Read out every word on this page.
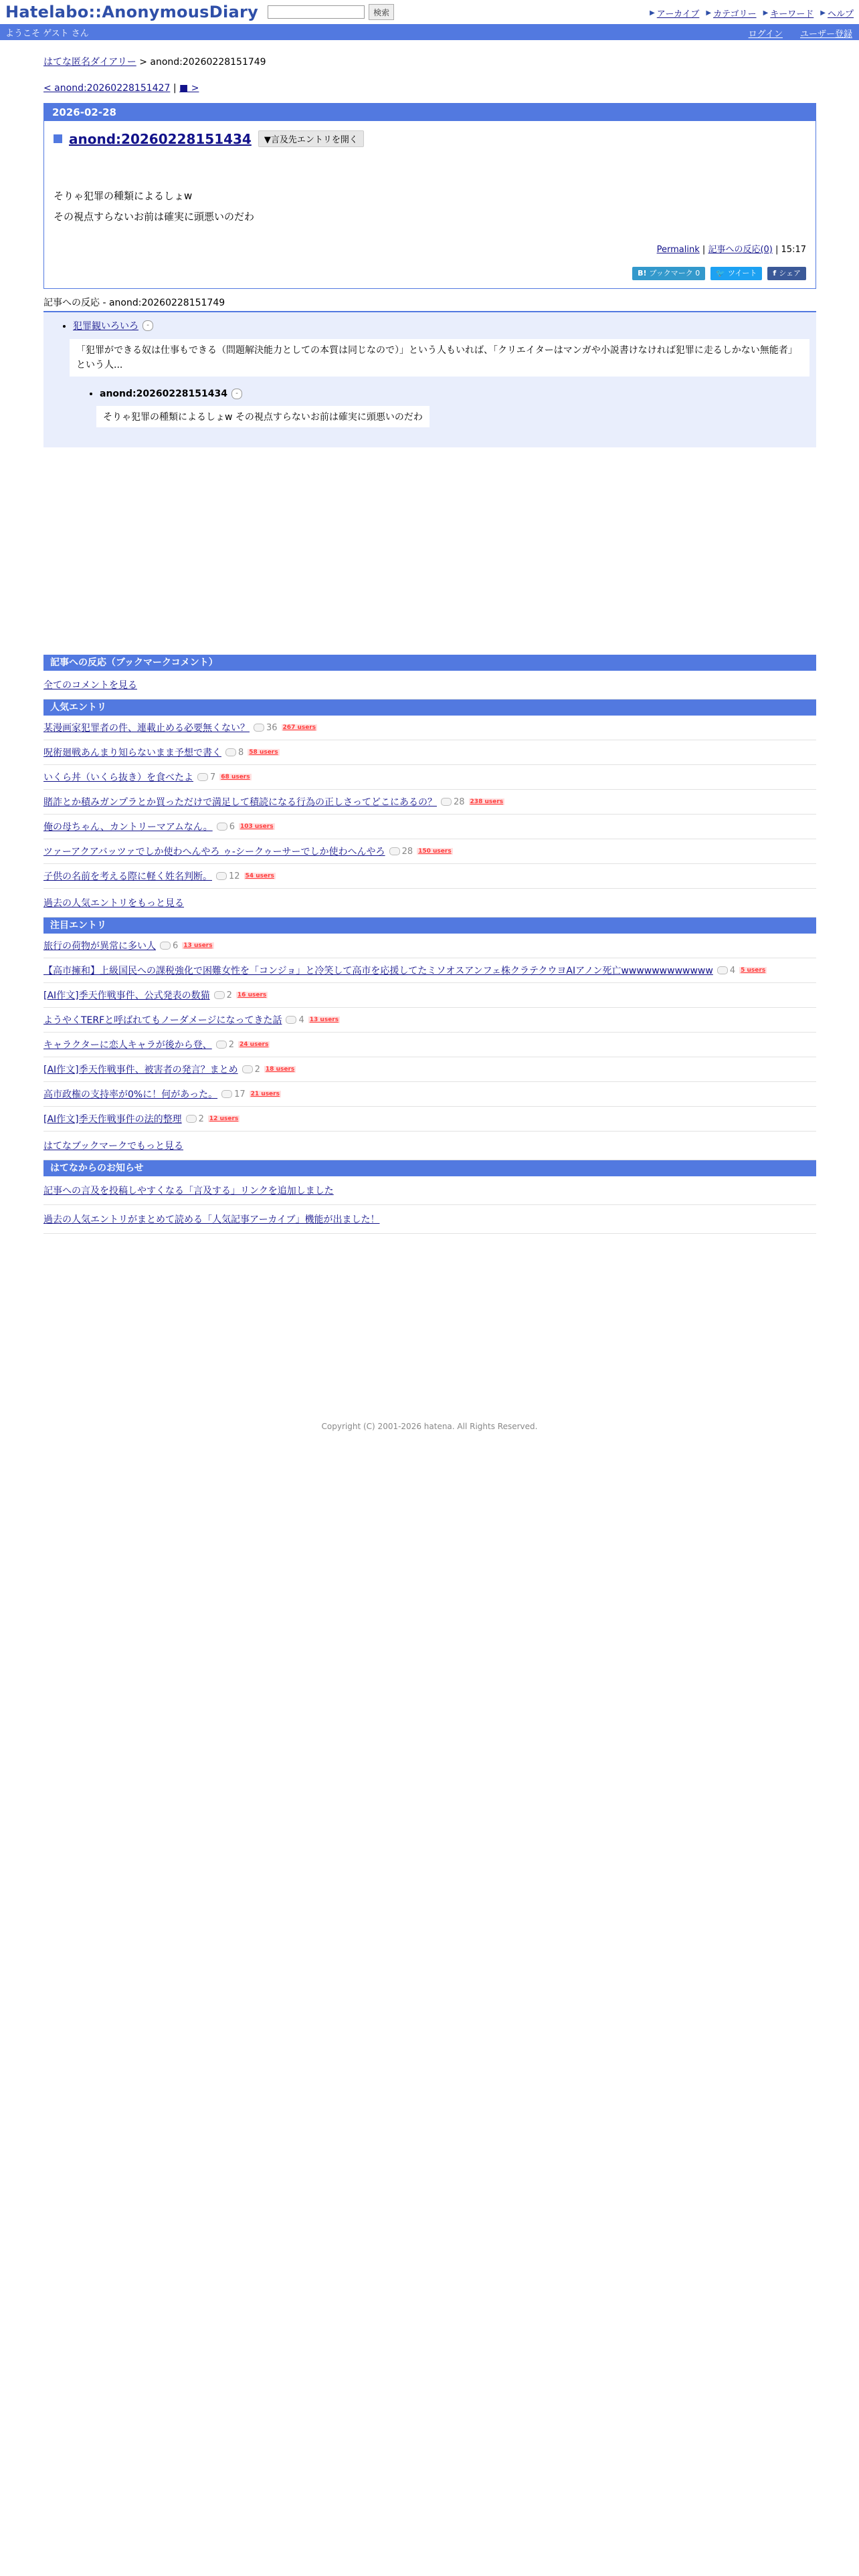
Hatelabo::AnonymousDiary	検索	▶ アーカイブ ▶ カテゴリー ▶ キーワード ▶ ヘルプ
ようこそ ゲスト さん	ログイン ユーザー登録
はてな匿名ダイアリー > anond:20260228151749
< anond:20260228151427 | ■ >
2026-02-28
anond:20260228151434	▼言及先エントリを開く
そりゃ犯罪の種類によるしょw
その視点すらないお前は確実に頭悪いのだわ
Permalink | 記事への反応(0) | 15:17
B! ブックマーク 0 🐦 ツイート f シェア
記事への反応 - anond:20260228151749
• 犯罪観いろいろ	-
「犯罪ができる奴は仕事もできる（問題解決能力としての本質は同じなので）」という人もいれば、「クリエイターはマンガや小説書けなければ犯罪に走るしかない無能者」という人...
• anond:20260228151434	-
そりゃ犯罪の種類によるしょw その視点すらないお前は確実に頭悪いのだわ
記事への反応（ブックマークコメント）
全てのコメントを見る
人気エントリ
某漫画家犯罪者の件、連載止める必要無くない？ 36 267 users
呪術廻戦あんまり知らないまま予想で書く 8 58 users
いくら丼（いくら抜き）を食べたよ 7 68 users
賭詐とか積みガンプラとか買っただけで満足して積読になる行為の正しさってどこにあるの？ 28 238 users
俺の母ちゃん、カントリーマアムなん。 6 103 users
ツァーアクアバッツァでしか使わへんやろ ゥ-シークゥーサーでしか使わへんやろ 28 150 users
子供の名前を考える際に軽く姓名判断。 12 54 users
過去の人気エントリをもっと見る
注目エントリ
旅行の荷物が異常に多い人 6 13 users
【高市擁和】上級国民への課税強化で困難女性を「コンジョ」と冷笑して高市を応援してたミソオスアンフェ株クラテクウヨAIアノン死亡wwwwwwwwwwww 4 5 users
[AI作文]季天作戦事件、公式発表の数猫 2 16 users
ようやくTERFと呼ばれてもノーダメージになってきた話 4 13 users
キャラクターに恋人キャラが後から登、 2 24 users
[AI作文]季天作戦事件、被害者の発言？まとめ 2 18 users
高市政権の支持率が0%に！何があった。 17 21 users
[AI作文]季天作戦事件の法的整理 2 12 users
はてなブックマークでもっと見る
はてなからのお知らせ
記事への言及を投稿しやすくなる「言及する」リンクを追加しました
過去の人気エントリがまとめて読める「人気記事アーカイブ」機能が出ました！
Copyright (C) 2001-2026 hatena. All Rights Reserved.
